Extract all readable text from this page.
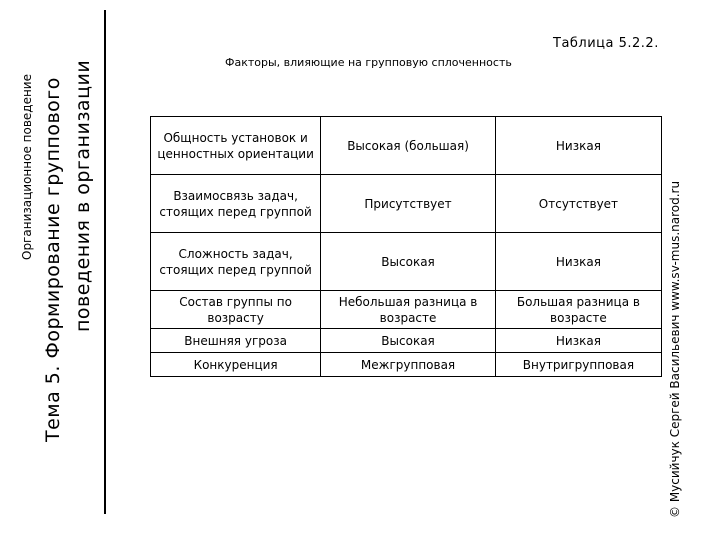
Организационное поведение Тема 5. Формирование группового поведения в организации	© Мусийчук Сергей Васильевич www.sv-mus.narod.ru
Таблица 5.2.2.
Факторы, влияющие на групповую сплоченность
Общность установок и ценностных ориентации	Высокая (большая)	Низкая
Взаимосвязь задач, стоящих перед группой	Присутствует	Отсутствует
Сложность задач, стоящих перед группой	Высокая	Низкая
Состав группы по возрасту	Небольшая разница в возрасте	Большая разница в возрасте
Внешняя угроза	Высокая	Низкая
Конкуренция	Межгрупповая	Внутригрупповая
